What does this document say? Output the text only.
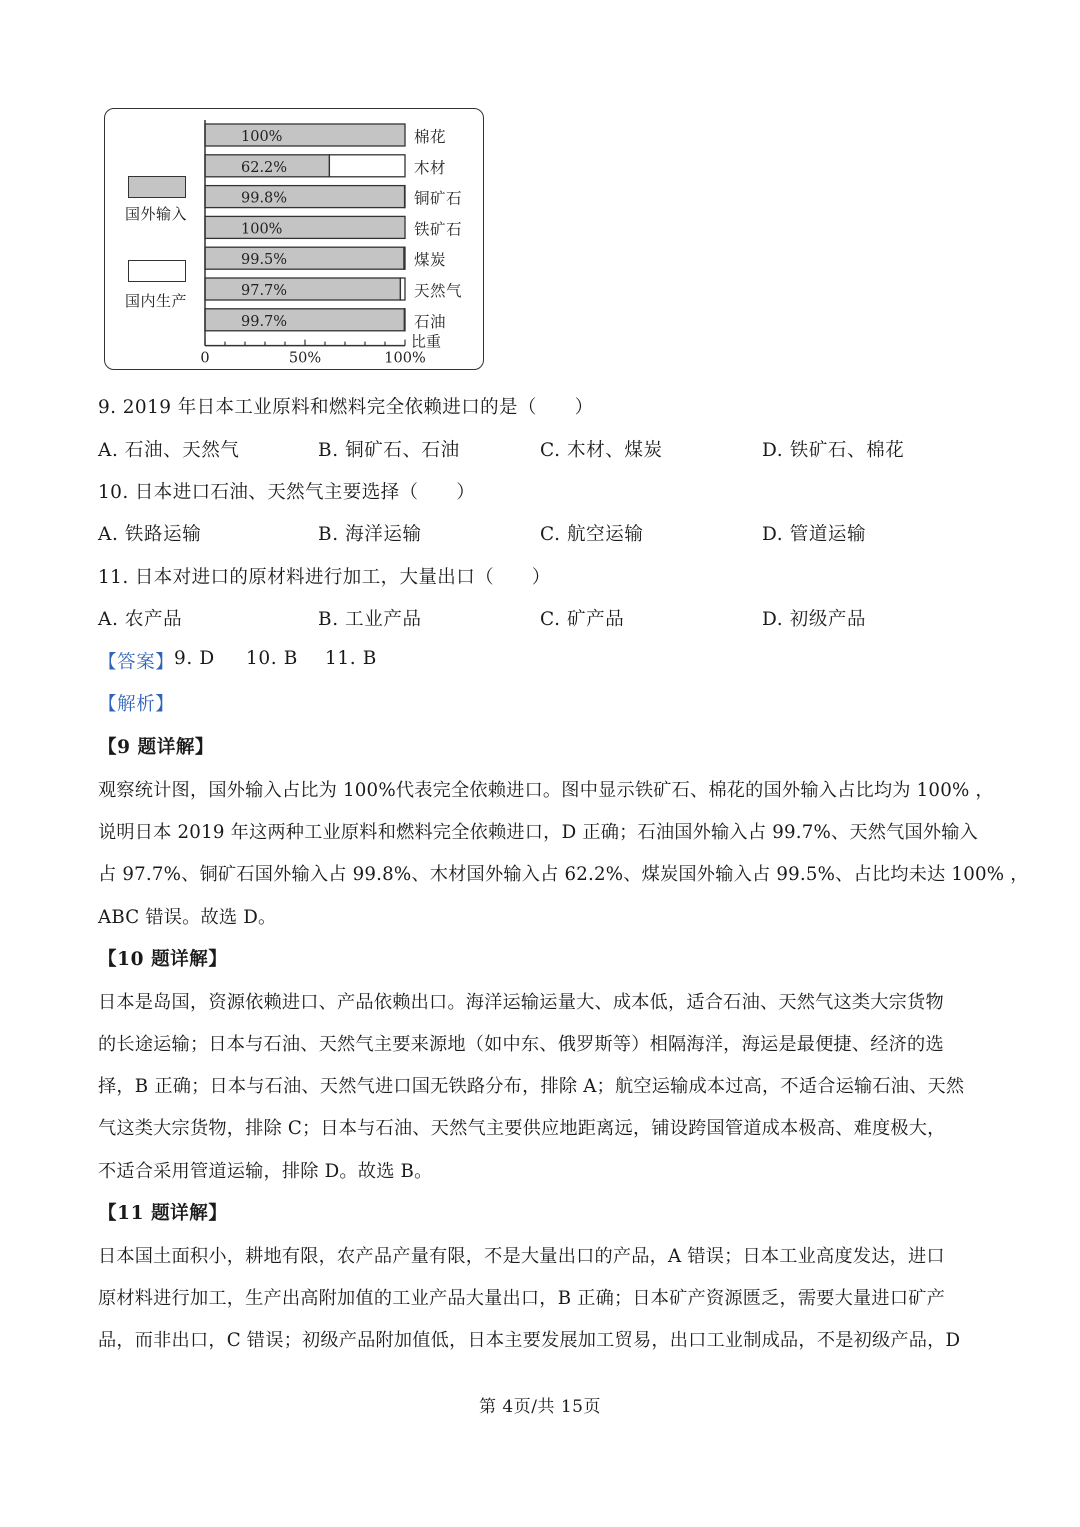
国外输入
国内生产
100%	棉花
62.2%	木材
99.8%	铜矿石
100%	铁矿石
99.5%	煤炭
97.7%	天然气
99.7%	石油
0	50%	100%
比重
9. 2019 年日本工业原料和燃料完全依赖进口的是（　　）
A. 石油、天然气	B. 铜矿石、石油	C. 木材、煤炭	D. 铁矿石、棉花
10. 日本进口石油、天然气主要选择（　　）
A. 铁路运输	B. 海洋运输	C. 航空运输	D. 管道运输
11. 日本对进口的原材料进行加工，大量出口（　　）
A. 农产品	B. 工业产品	C. 矿产品	D. 初级产品
【答案】 9. D 10. B 11. B
【解析】
【9 题详解】
观察统计图，国外输入占比为 100%代表完全依赖进口。图中显示铁矿石、棉花的国外输入占比均为 100% ，
说明日本 2019 年这两种工业原料和燃料完全依赖进口，D 正确；石油国外输入占 99.7%、天然气国外输入
占 97.7%、铜矿石国外输入占 99.8%、木材国外输入占 62.2%、煤炭国外输入占 99.5%、占比均未达 100% ，
ABC 错误。故选 D。
【10 题详解】
日本是岛国，资源依赖进口、产品依赖出口。海洋运输运量大、成本低，适合石油、天然气这类大宗货物
的长途运输；日本与石油、天然气主要来源地（如中东、俄罗斯等）相隔海洋，海运是最便捷、经济的选
择，B 正确；日本与石油、天然气进口国无铁路分布，排除 A；航空运输成本过高，不适合运输石油、天然
气这类大宗货物，排除 C；日本与石油、天然气主要供应地距离远，铺设跨国管道成本极高、难度极大，
不适合采用管道运输，排除 D。故选 B。
【11 题详解】
日本国土面积小，耕地有限，农产品产量有限，不是大量出口的产品，A 错误；日本工业高度发达，进口
原材料进行加工，生产出高附加值的工业产品大量出口，B 正确；日本矿产资源匮乏，需要大量进口矿产
品，而非出口，C 错误；初级产品附加值低，日本主要发展加工贸易，出口工业制成品，不是初级产品，D
第 4页/共 15页
